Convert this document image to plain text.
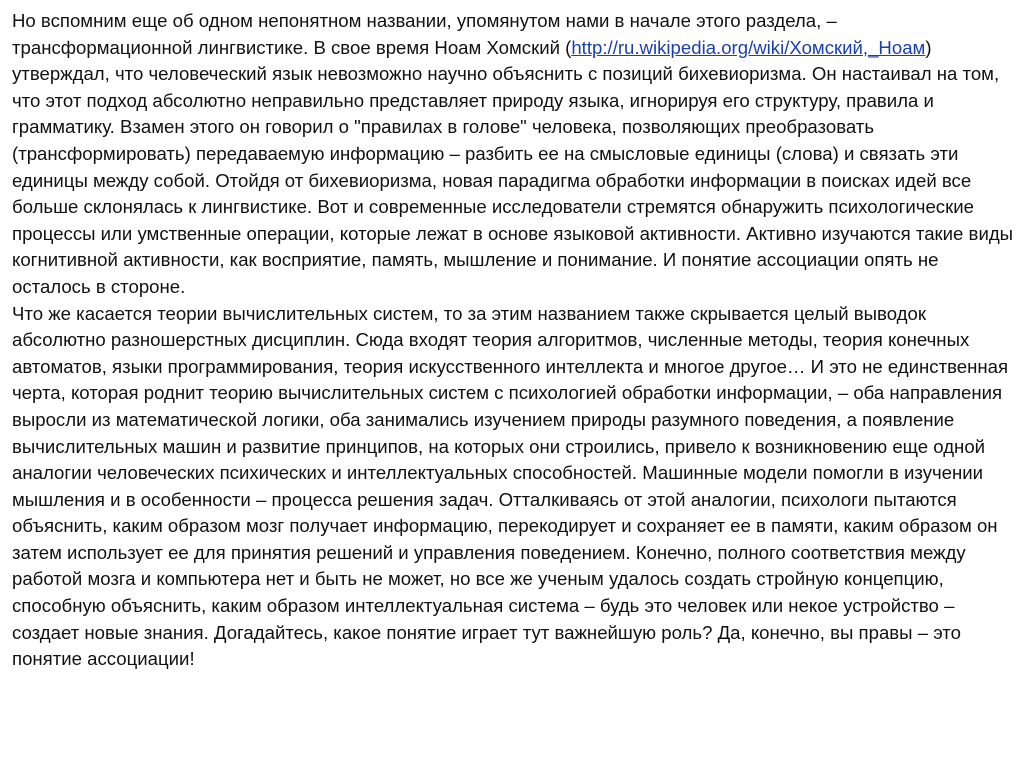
Но вспомним еще об одном непонятном названии, упомянутом нами в начале этого раздела, – трансформационной лингвистике. В свое время Ноам Хомский (http://ru.wikipedia.org/wiki/Хомский,_Ноам) утверждал, что человеческий язык невозможно научно объяснить с позиций бихевиоризма. Он настаивал на том, что этот подход абсолютно неправильно представляет природу языка, игнорируя его структуру, правила и грамматику. Взамен этого он говорил о "правилах в голове" человека, позволяющих преобразовать (трансформировать) передаваемую информацию – разбить ее на смысловые единицы (слова) и связать эти единицы между собой. Отойдя от бихевиоризма, новая парадигма обработки информации в поисках идей все больше склонялась к лингвистике. Вот и современные исследователи стремятся обнаружить психологические процессы или умственные операции, которые лежат в основе языковой активности. Активно изучаются такие виды когнитивной активности, как восприятие, память, мышление и понимание. И понятие ассоциации опять не осталось в стороне.

Что же касается теории вычислительных систем, то за этим названием также скрывается целый выводок абсолютно разношерстных дисциплин. Сюда входят теория алгоритмов, численные методы, теория конечных автоматов, языки программирования, теория искусственного интеллекта и многое другое… И это не единственная черта, которая роднит теорию вычислительных систем с психологией обработки информации, – оба направления выросли из математической логики, оба занимались изучением природы разумного поведения, а появление вычислительных машин и развитие принципов, на которых они строились, привело к возникновению еще одной аналогии человеческих психических и интеллектуальных способностей. Машинные модели помогли в изучении мышления и в особенности – процесса решения задач. Отталкиваясь от этой аналогии, психологи пытаются объяснить, каким образом мозг получает информацию, перекодирует и сохраняет ее в памяти, каким образом он затем использует ее для принятия решений и управления поведением. Конечно, полного соответствия между работой мозга и компьютера нет и быть не может, но все же ученым удалось создать стройную концепцию, способную объяснить, каким образом интеллектуальная система – будь это человек или некое устройство – создает новые знания. Догадайтесь, какое понятие играет тут важнейшую роль? Да, конечно, вы правы – это понятие ассоциации!
